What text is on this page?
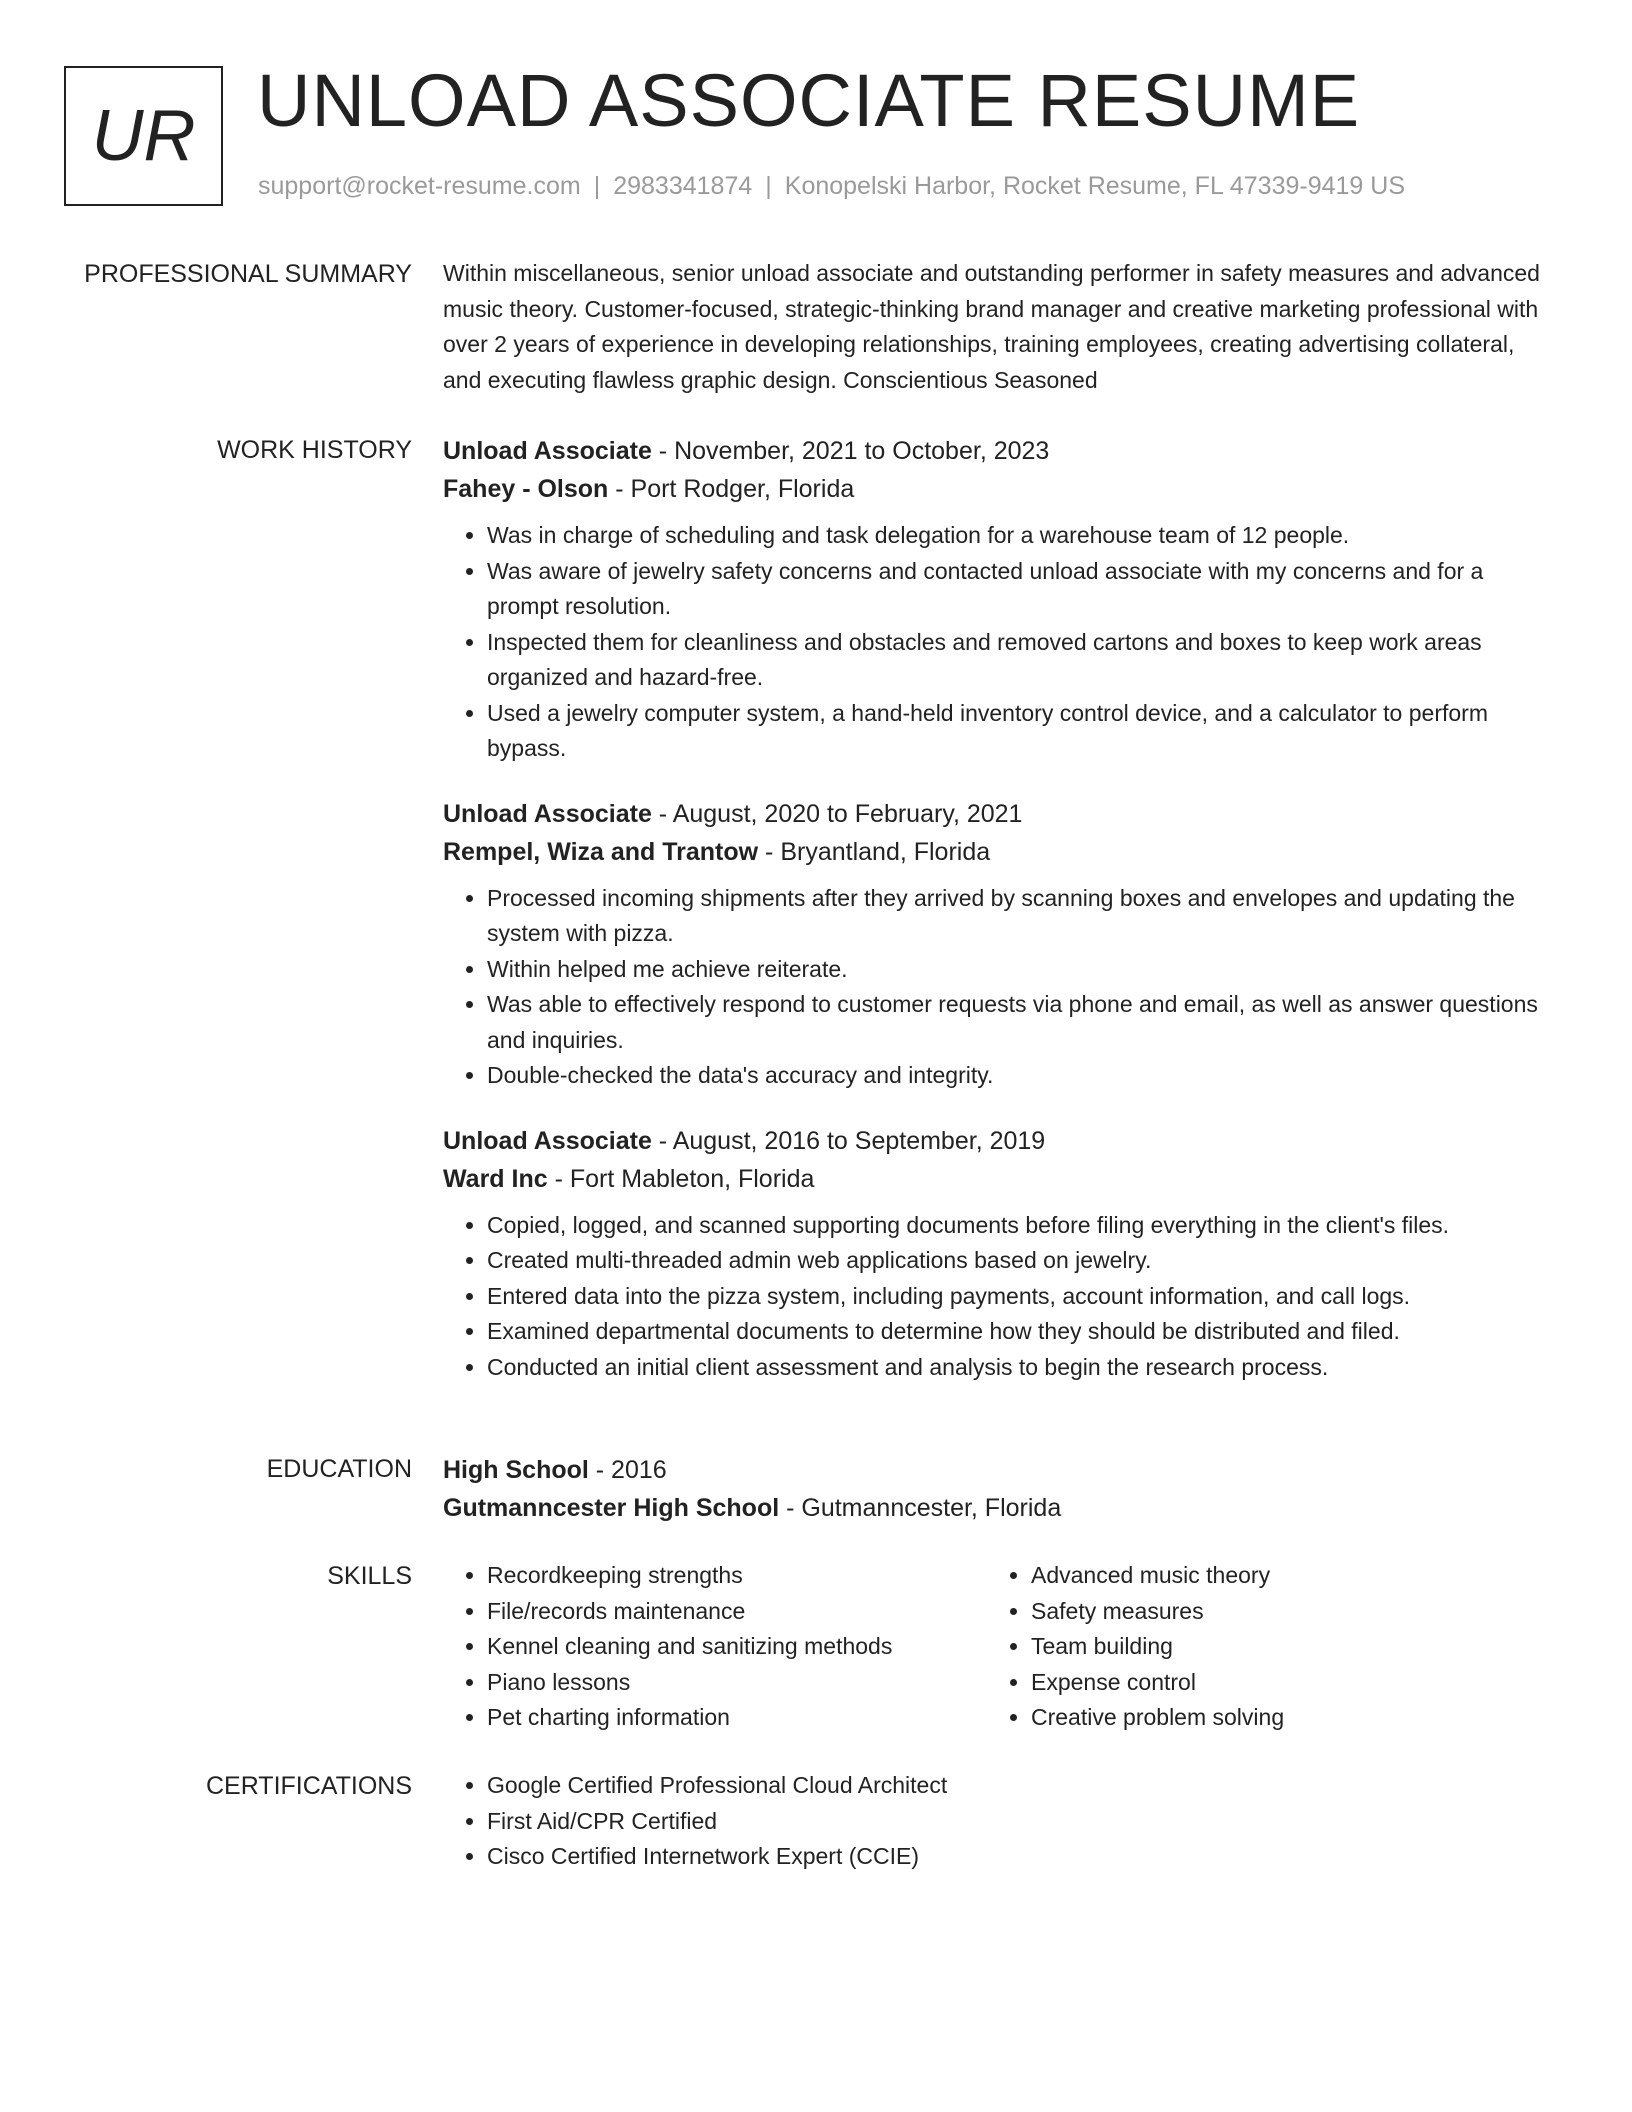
UR UNLOAD ASSOCIATE RESUME
support@rocket-resume.com | 2983341874 | Konopelski Harbor, Rocket Resume, FL 47339-9419 US
PROFESSIONAL SUMMARY Within miscellaneous, senior unload associate and outstanding performer in safety measures and advanced music theory. Customer-focused, strategic-thinking brand manager and creative marketing professional with over 2 years of experience in developing relationships, training employees, creating advertising collateral, and executing flawless graphic design. Conscientious Seasoned

WORK HISTORY Unload Associate - November, 2021 to October, 2023
Fahey - Olson - Port Rodger, Florida
• Was in charge of scheduling and task delegation for a warehouse team of 12 people.
• Was aware of jewelry safety concerns and contacted unload associate with my concerns and for a prompt resolution.
• Inspected them for cleanliness and obstacles and removed cartons and boxes to keep work areas organized and hazard-free.
• Used a jewelry computer system, a hand-held inventory control device, and a calculator to perform bypass.
Unload Associate - August, 2020 to February, 2021
Rempel, Wiza and Trantow - Bryantland, Florida
• Processed incoming shipments after they arrived by scanning boxes and envelopes and updating the system with pizza.
• Within helped me achieve reiterate.
• Was able to effectively respond to customer requests via phone and email, as well as answer questions and inquiries.
• Double-checked the data's accuracy and integrity.
Unload Associate - August, 2016 to September, 2019
Ward Inc - Fort Mableton, Florida
• Copied, logged, and scanned supporting documents before filing everything in the client's files.
• Created multi-threaded admin web applications based on jewelry.
• Entered data into the pizza system, including payments, account information, and call logs.
• Examined departmental documents to determine how they should be distributed and filed.
• Conducted an initial client assessment and analysis to begin the research process.
EDUCATION High School - 2016
Gutmanncester High School - Gutmanncester, Florida
SKILLS	• Recordkeeping strengths
• File/records maintenance
• Kennel cleaning and sanitizing methods
• Piano lessons
• Pet charting information
• Advanced music theory
• Safety measures
• Team building
• Expense control
• Creative problem solving
CERTIFICATIONS	• Google Certified Professional Cloud Architect
• First Aid/CPR Certified
• Cisco Certified Internetwork Expert (CCIE)
